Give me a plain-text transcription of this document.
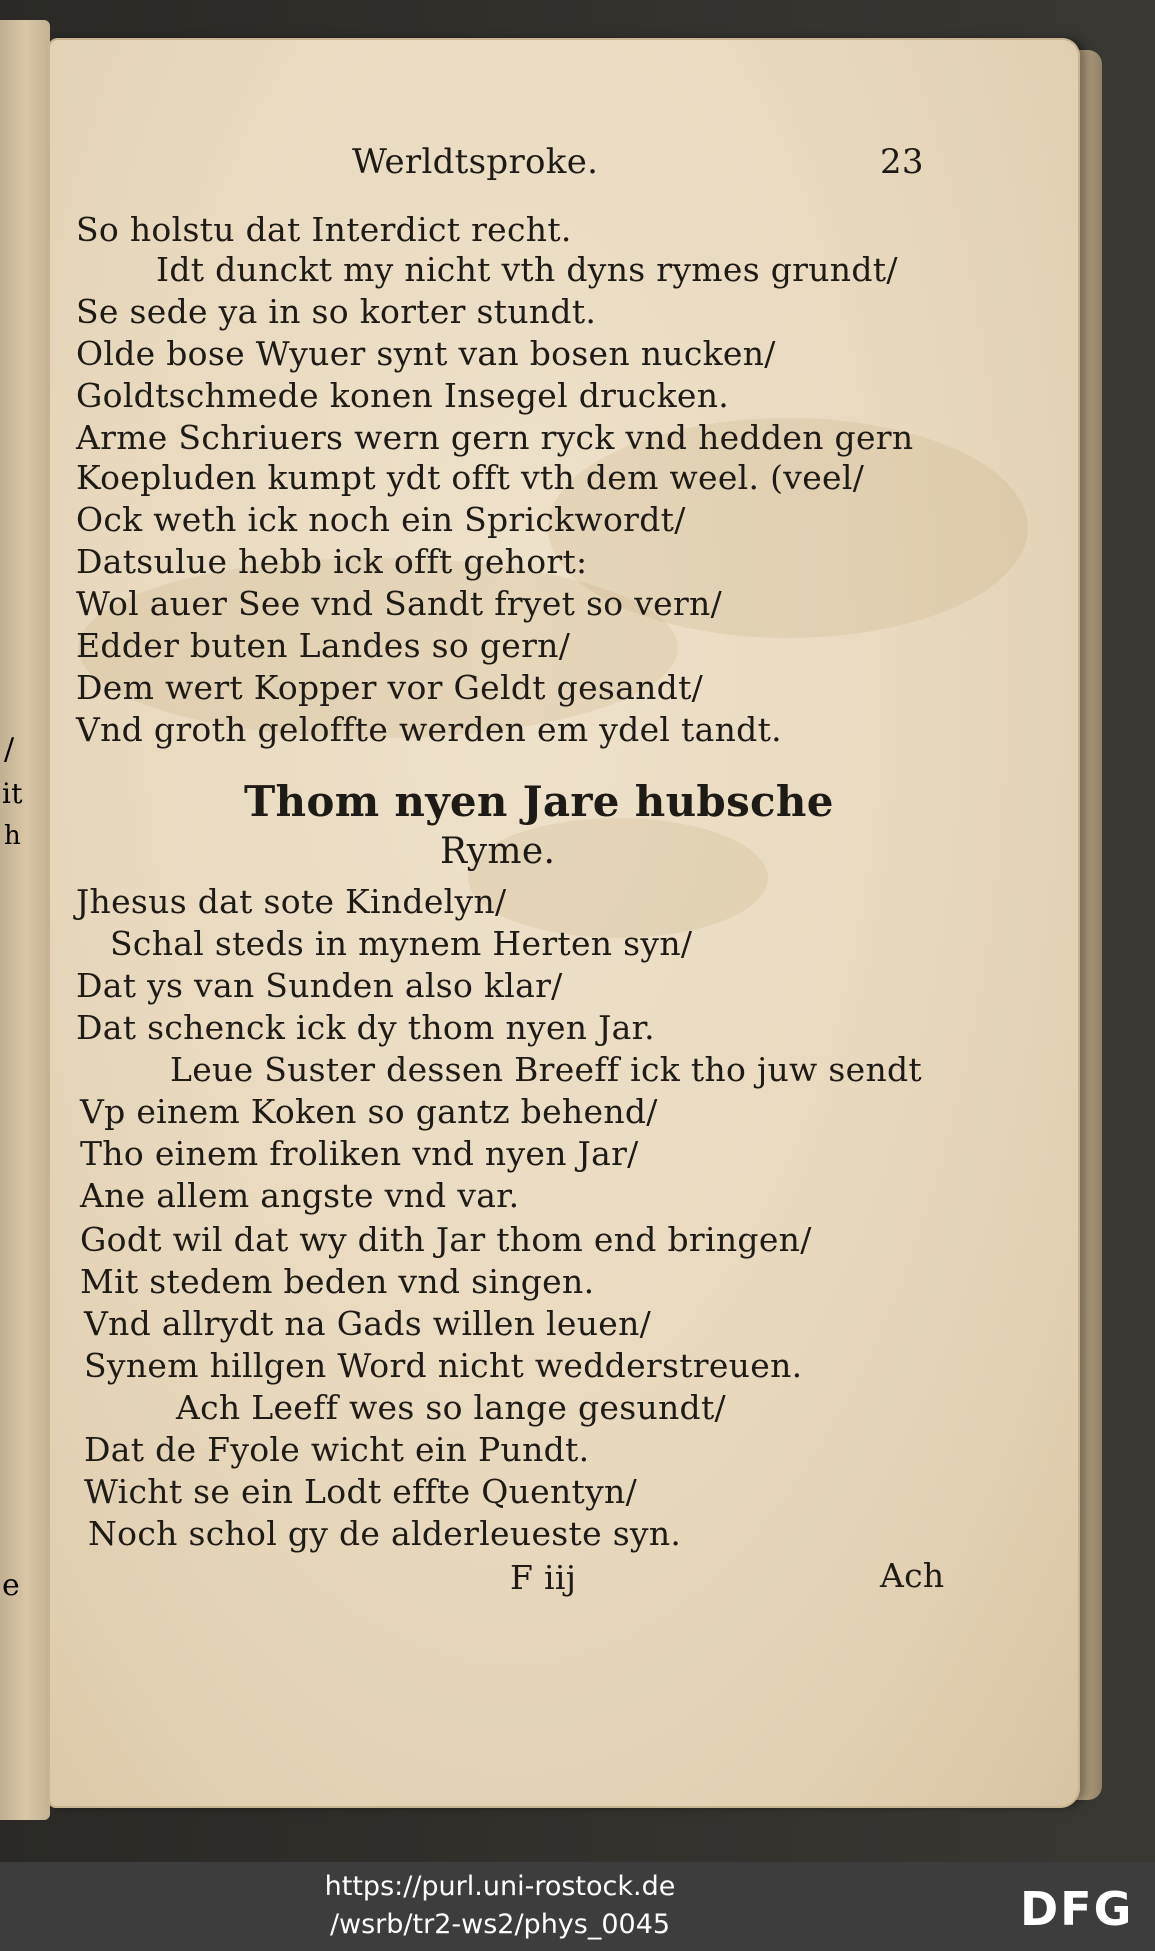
/
it
h
e
Werldtsproke.	23
So holstu dat Interdict recht.
Idt dunckt my nicht vth dyns rymes grundt/
Se sede ya in so korter stundt.
Olde bose Wyuer synt van bosen nucken/
Goldtschmede konen Insegel drucken.
Arme Schriuers wern gern ryck vnd hedden gern
Koepluden kumpt ydt offt vth dem weel. (veel/
Ock weth ick noch ein Sprickwordt/
Datsulue hebb ick offt gehort:
Wol auer See vnd Sandt fryet so vern/
Edder buten Landes so gern/
Dem wert Kopper vor Geldt gesandt/
Vnd groth geloffte werden em ydel tandt.
Thom nyen Jare hubsche
Ryme.
Jhesus dat sote Kindelyn/
Schal steds in mynem Herten syn/
Dat ys van Sunden also klar/
Dat schenck ick dy thom nyen Jar.
Leue Suster dessen Breeff ick tho juw sendt
Vp einem Koken so gantz behend/
Tho einem froliken vnd nyen Jar/
Ane allem angste vnd var.
Godt wil dat wy dith Jar thom end bringen/
Mit stedem beden vnd singen.
Vnd allrydt na Gads willen leuen/
Synem hillgen Word nicht wedderstreuen.
Ach Leeff wes so lange gesundt/
Dat de Fyole wicht ein Pundt.
Wicht se ein Lodt effte Quentyn/
Noch schol gy de alderleueste syn.
F iij	Ach
https://purl.uni-rostock.de
/wsrb/tr2-ws2/phys_0045	DFG
